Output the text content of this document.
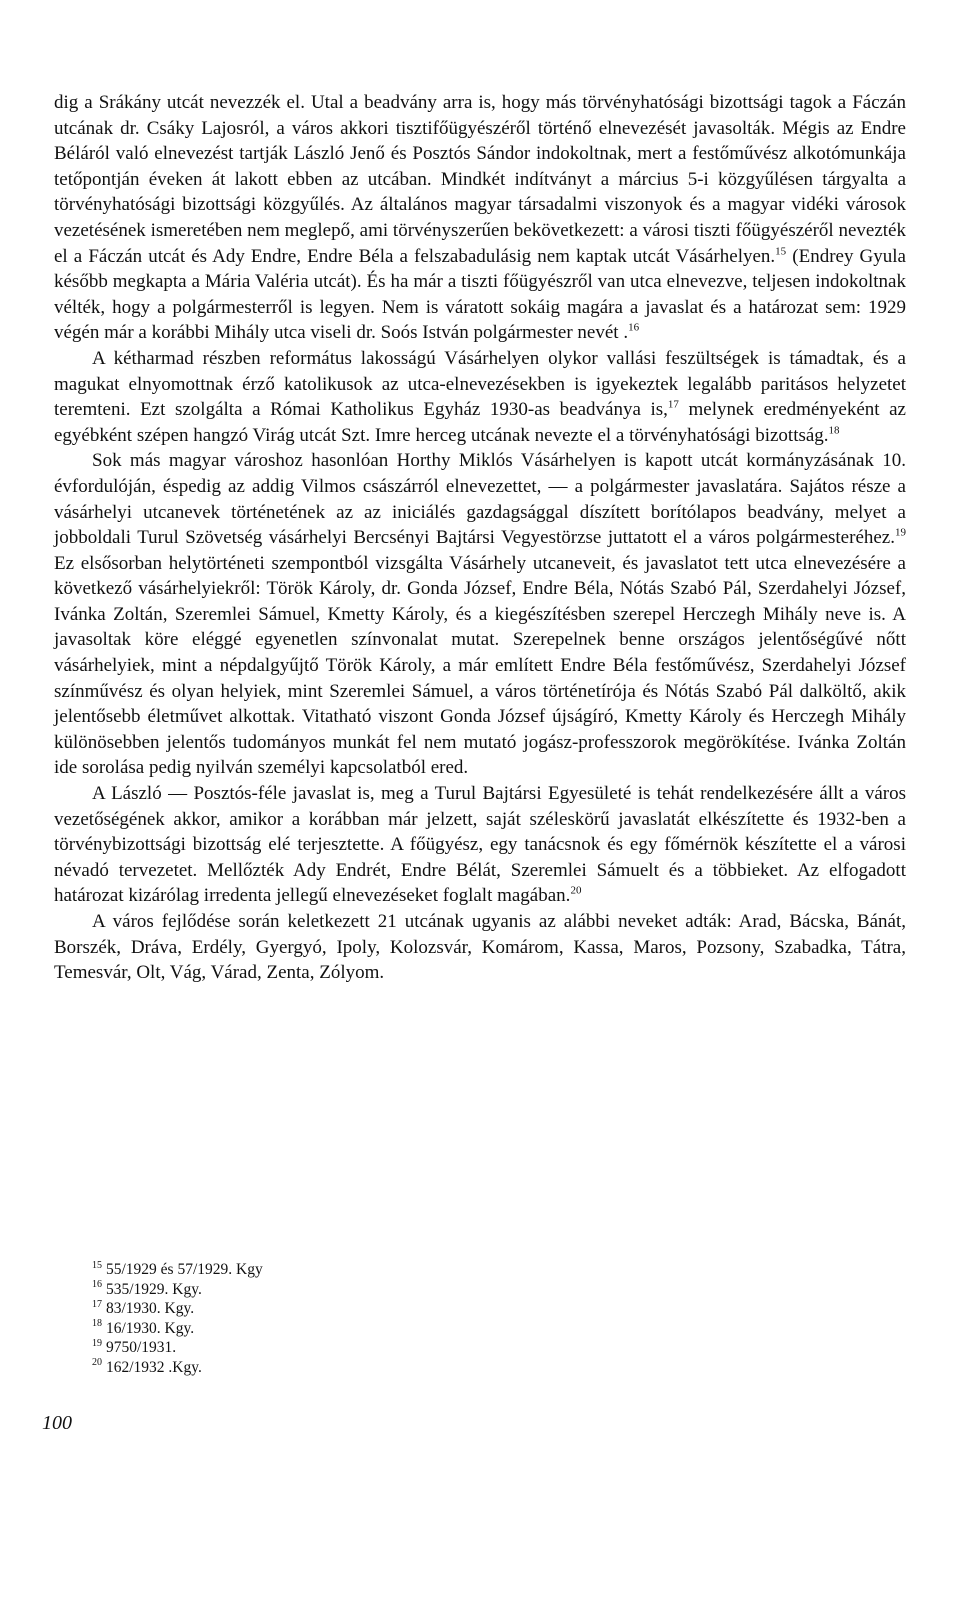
dig a Srákány utcát nevezzék el. Utal a beadvány arra is, hogy más törvényhatósági bizottsági tagok a Fáczán utcának dr. Csáky Lajosról, a város akkori tisztifőügyészéről történő elnevezését javasolták. Mégis az Endre Béláról való elnevezést tartják László Jenő és Posztós Sándor indokoltnak, mert a festőművész alkotómunkája tetőpontján éveken át lakott ebben az utcában. Mindkét indítványt a március 5-i közgyűlésen tárgyalta a törvényhatósági bizottsági közgyűlés. Az általános magyar társadalmi viszonyok és a magyar vidéki városok vezetésének ismeretében nem meglepő, ami törvényszerűen bekövetkezett: a városi tiszti főügyészéről nevezték el a Fáczán utcát és Ady Endre, Endre Béla a felszabadulásig nem kaptak utcát Vásárhelyen.$^{15}$ (Endrey Gyula később megkapta a Mária Valéria utcát). És ha már a tiszti főügyészről van utca elnevezve, teljesen indokoltnak vélték, hogy a polgármesterről is legyen. Nem is váratott sokáig magára a javaslat és a határozat sem: 1929 végén már a korábbi Mihály utca viseli dr. Soós István polgármester nevét .$^{16}$

A kétharmad részben református lakosságú Vásárhelyen olykor vallási feszültségek is támadtak, és a magukat elnyomottnak érző katolikusok az utca-elnevezésekben is igyekeztek legalább paritásos helyzetet teremteni. Ezt szolgálta a Római Katholikus Egyház 1930-as beadványa is,$^{17}$ melynek eredményeként az egyébként szépen hangzó Virág utcát Szt. Imre herceg utcának nevezte el a törvényhatósági bizottság.$^{18}$

Sok más magyar városhoz hasonlóan Horthy Miklós Vásárhelyen is kapott utcát kormányzásának 10. évfordulóján, éspedig az addig Vilmos császárról elnevezettet, — a polgármester javaslatára. Sajátos része a vásárhelyi utcanevek történetének az az iniciálés gazdagsággal díszített borítólapos beadvány, melyet a jobboldali Turul Szövetség vásárhelyi Bercsényi Bajtársi Vegyestörzse juttatott el a város polgármesteréhez.$^{19}$ Ez elsősorban helytörténeti szempontból vizsgálta Vásárhely utcaneveit, és javaslatot tett utca elnevezésére a következő vásárhelyiekről: Török Károly, dr. Gonda József, Endre Béla, Nótás Szabó Pál, Szerdahelyi József, Ivánka Zoltán, Szeremlei Sámuel, Kmetty Károly, és a kiegészítésben szerepel Herczegh Mihály neve is. A javasoltak köre eléggé egyenetlen színvonalat mutat. Szerepelnek benne országos jelentőségűvé nőtt vásárhelyiek, mint a népdalgyűjtő Török Károly, a már említett Endre Béla festőművész, Szerdahelyi József színművész és olyan helyiek, mint Szeremlei Sámuel, a város történetírója és Nótás Szabó Pál dalköltő, akik jelentősebb életművet alkottak. Vitatható viszont Gonda József újságíró, Kmetty Károly és Herczegh Mihály különösebben jelentős tudományos munkát fel nem mutató jogász-professzorok megörökítése. Ivánka Zoltán ide sorolása pedig nyilván személyi kapcsolatból ered.

A László — Posztós-féle javaslat is, meg a Turul Bajtársi Egyesületé is tehát rendelkezésére állt a város vezetőségének akkor, amikor a korábban már jelzett, saját széleskörű javaslatát elkészítette és 1932-ben a törvénybizottsági bizottság elé terjesztette. A főügyész, egy tanácsnok és egy főmérnök készítette el a városi névadó tervezetet. Mellőzték Ady Endrét, Endre Bélát, Szeremlei Sámuelt és a többieket. Az elfogadott határozat kizárólag irredenta jellegű elnevezéseket foglalt magában.$^{20}$

A város fejlődése során keletkezett 21 utcának ugyanis az alábbi neveket adták: Arad, Bácska, Bánát, Borszék, Dráva, Erdély, Gyergyó, Ipoly, Kolozsvár, Komárom, Kassa, Maros, Pozsony, Szabadka, Tátra, Temesvár, Olt, Vág, Várad, Zenta, Zólyom.

$^{15}$ 55/1929 és 57/1929. Kgy
$^{16}$ 535/1929. Kgy.
$^{17}$ 83/1930. Kgy.
$^{18}$ 16/1930. Kgy.
$^{19}$ 9750/1931.
$^{20}$ 162/1932 .Kgy.
100
